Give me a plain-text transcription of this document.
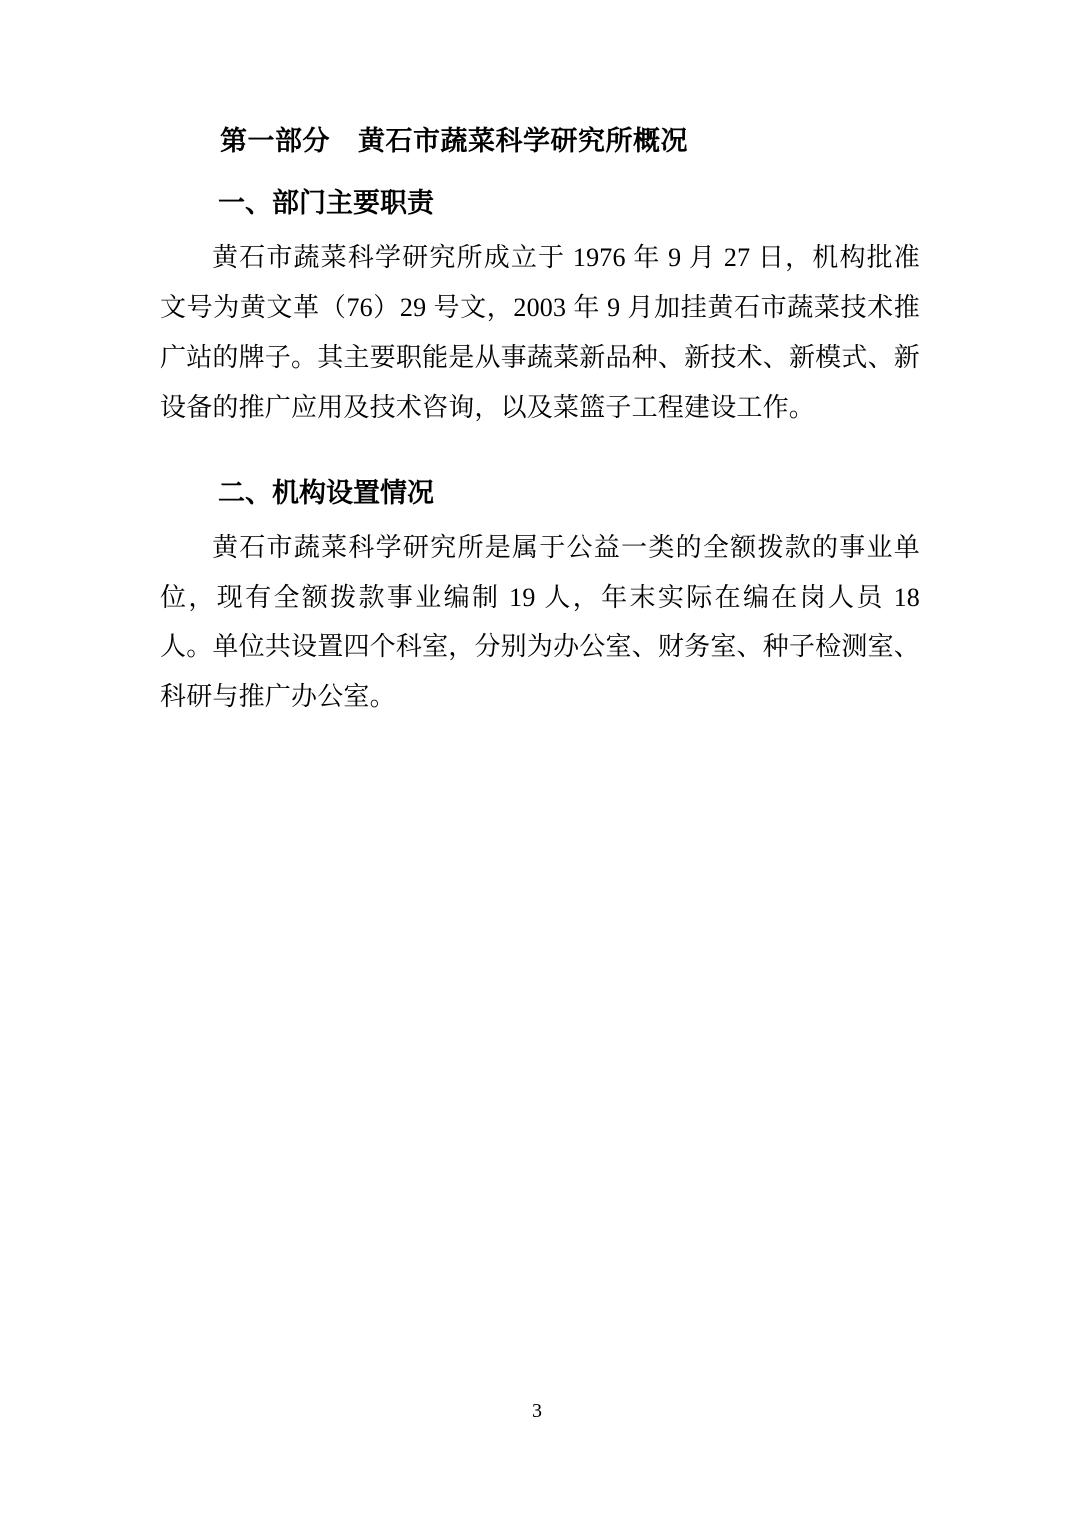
第一部分 黄石市蔬菜科学研究所概况
一、部门主要职责

黄石市蔬菜科学研究所成立于 1976 年 9 月 27 日，机构批准文号为黄文革（76）29 号文，2003 年 9 月加挂黄石市蔬菜技术推广站的牌子。其主要职能是从事蔬菜新品种、新技术、新模式、新设备的推广应用及技术咨询，以及菜篮子工程建设工作。

二、机构设置情况

黄石市蔬菜科学研究所是属于公益一类的全额拨款的事业单位，现有全额拨款事业编制 19 人，年末实际在编在岗人员 18 人。单位共设置四个科室，分别为办公室、财务室、种子检测室、科研与推广办公室。

3
